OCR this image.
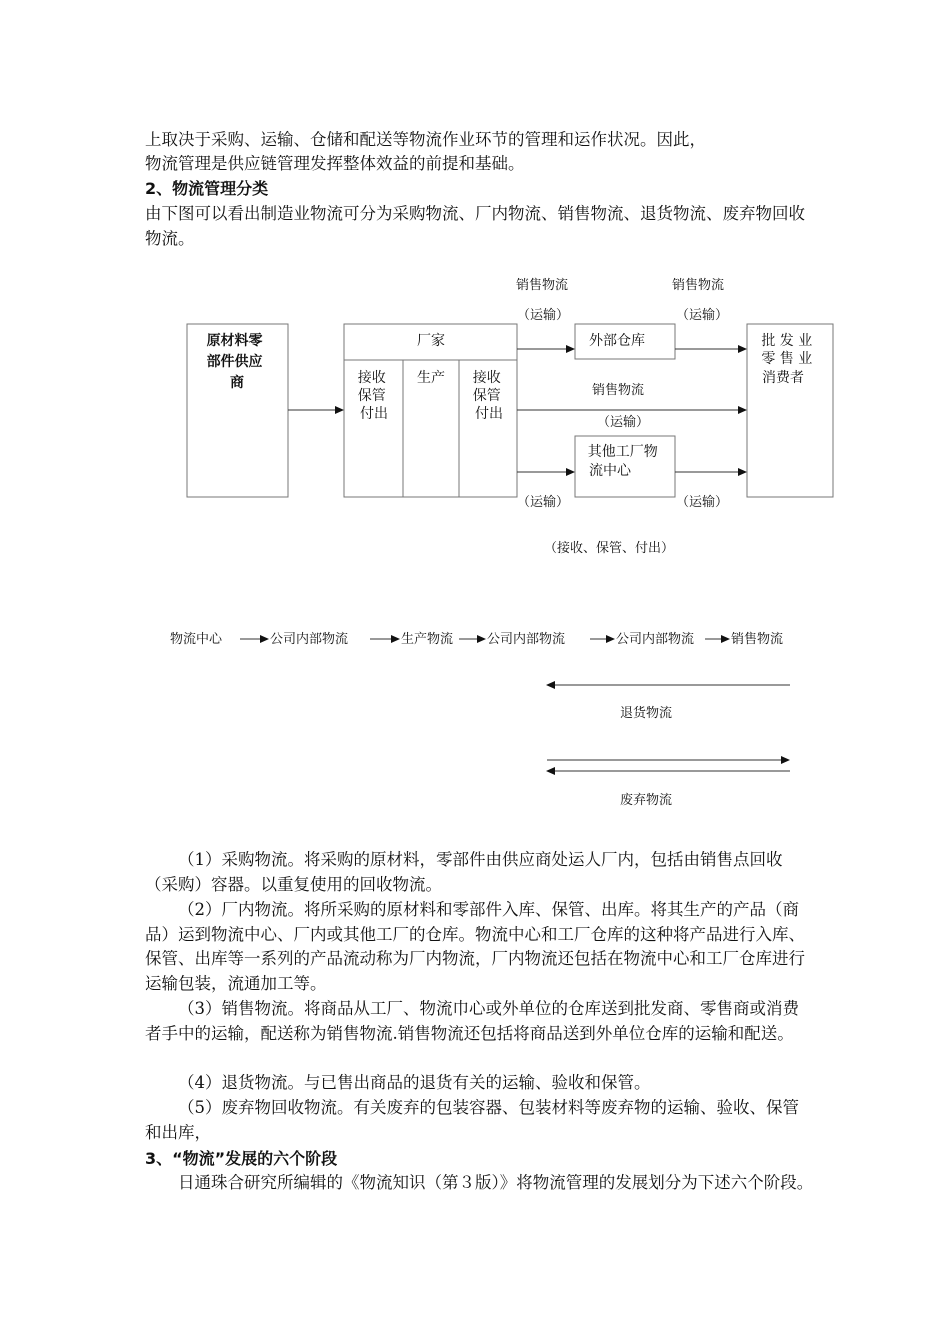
上取决于采购、运输、仓储和配送等物流作业环节的管理和运作状况。因此，

物流管理是供应链管理发挥整体效益的前提和基础。

2、物流管理分类

由下图可以看出制造业物流可分为采购物流、厂内物流、销售物流、退货物流、废弃物回收物流。

原材料零 部件供应 商
厂家
接收 保管 付出
生产 接收 保管 付出
外部仓库
其他工厂物 流中心
批 发 业 零 售 业 消费者
销售物流
（运输）
销售物流
（运输）
销售物流
（运输）
（运输）	（运输）
（接收、保管、付出）
物流中心	公司内部物流	生产物流	公司内部物流	公司内部物流	销售物流
退货物流
废弃物流

（1）采购物流。将采购的原材料，零部件由供应商处运人厂内，包括由销售点回收（采购）容器。以重复使用的回收物流。

（2）厂内物流。将所采购的原材料和零部件入库、保管、出库。将其生产的产品（商品）运到物流中心、厂内或其他工厂的仓库。物流中心和工厂仓库的这种将产品进行入库、保管、出库等一系列的产品流动称为厂内物流，厂内物流还包括在物流中心和工厂仓库进行运输包装，流通加工等。

（3）销售物流。将商品从工厂、物流巾心或外单位的仓库送到批发商、零售商或消费者手中的运输，配送称为销售物流.销售物流还包括将商品送到外单位仓库的运输和配送。

（4）退货物流。与已售出商品的退货有关的运输、验收和保管。

（5）废弃物回收物流。有关废弃的包装容器、包装材料等废弃物的运输、验收、保管和出库，

3、“物流”发展的六个阶段

日通珠合研究所编辑的《物流知识（第３版）》将物流管理的发展划分为下述六个阶段。
